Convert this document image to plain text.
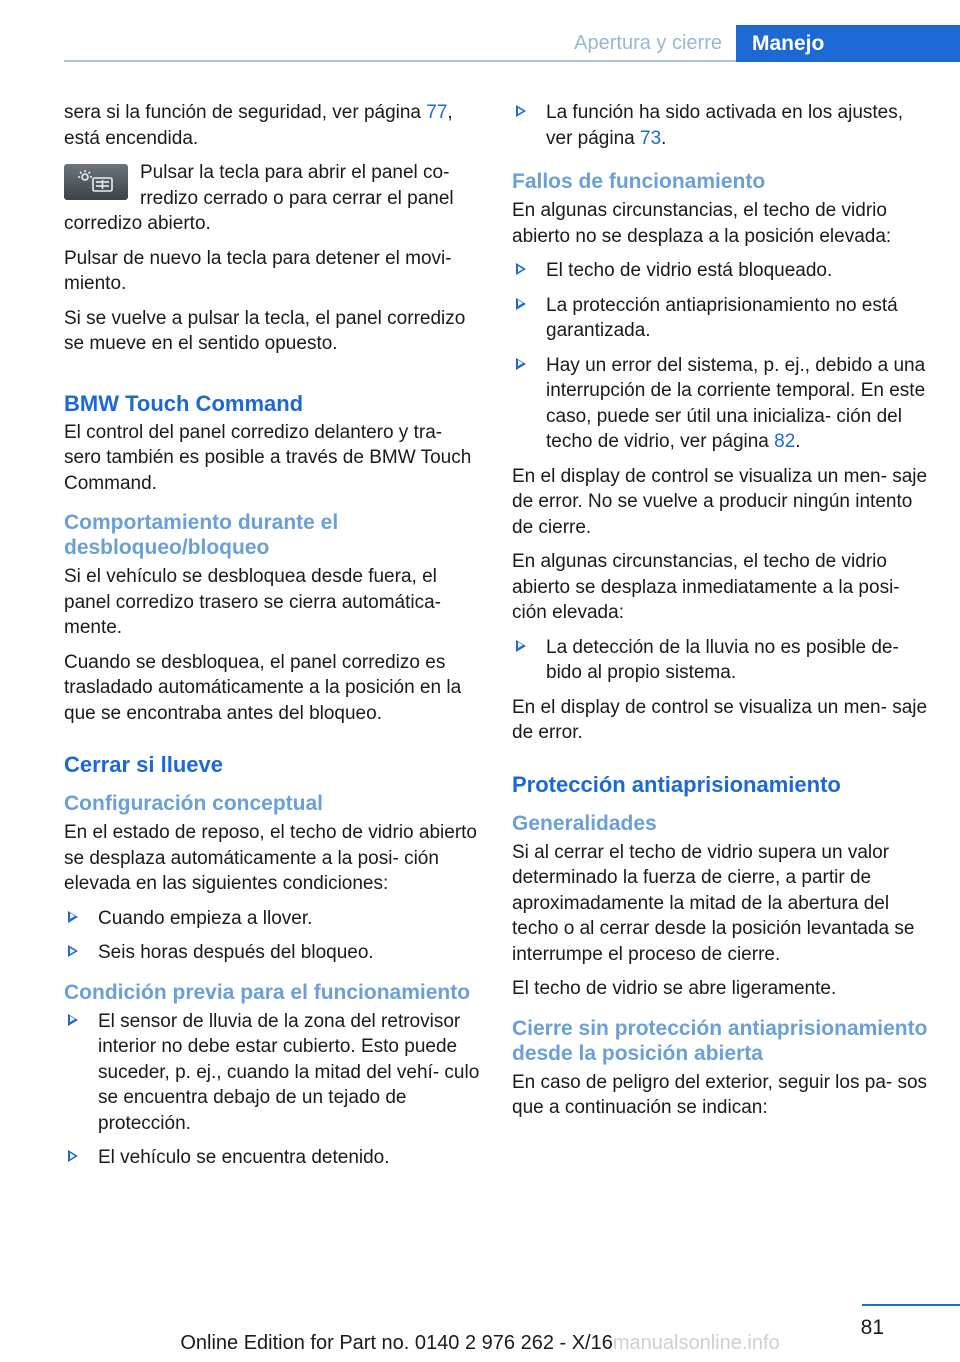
Apertura y cierre	Manejo

sera si la función de seguridad, ver página 77,
está encendida.

Pulsar la tecla para abrir el panel co‐
rredizo cerrado o para cerrar el panel

corredizo abierto.

Pulsar de nuevo la tecla para detener el movi‐ miento.

Si se vuelve a pulsar la tecla, el panel corredizo se mueve en el sentido opuesto.

BMW Touch Command

El control del panel corredizo delantero y tra‐ sero también es posible a través de BMW Touch Command.

Comportamiento durante el desbloqueo/bloqueo

Si el vehículo se desbloquea desde fuera, el panel corredizo trasero se cierra automática‐ mente.

Cuando se desbloquea, el panel corredizo es trasladado automáticamente a la posición en la que se encontraba antes del bloqueo.

Cerrar si llueve
Configuración conceptual

En el estado de reposo, el techo de vidrio abierto se desplaza automáticamente a la posi‐ ción elevada en las siguientes condiciones:

Cuando empieza a llover.
Seis horas después del bloqueo.
Condición previa para el funcionamiento
El sensor de lluvia de la zona del retrovisor interior no debe estar cubierto. Esto puede suceder, p. ej., cuando la mitad del vehí‐ culo se encuentra debajo de un tejado de protección.
El vehículo se encuentra detenido.
La función ha sido activada en los ajustes, ver página 73.
Fallos de funcionamiento

En algunas circunstancias, el techo de vidrio abierto no se desplaza a la posición elevada:

El techo de vidrio está bloqueado.
La protección antiaprisionamiento no está garantizada.
Hay un error del sistema, p. ej., debido a una interrupción de la corriente temporal. En este caso, puede ser útil una inicializa‐ ción del techo de vidrio, ver página 82.

En el display de control se visualiza un men‐ saje de error. No se vuelve a producir ningún intento de cierre.

En algunas circunstancias, el techo de vidrio abierto se desplaza inmediatamente a la posi‐ ción elevada:

La detección de la lluvia no es posible de‐ bido al propio sistema.

En el display de control se visualiza un men‐ saje de error.

Protección antiaprisionamiento
Generalidades

Si al cerrar el techo de vidrio supera un valor determinado la fuerza de cierre, a partir de aproximadamente la mitad de la abertura del techo o al cerrar desde la posición levantada se interrumpe el proceso de cierre.

El techo de vidrio se abre ligeramente.

Cierre sin protección antiaprisionamiento desde la posición abierta

En caso de peligro del exterior, seguir los pa‐ sos que a continuación se indican:

81
Online Edition for Part no. 0140 2 976 262 - X/16manualsonline.info
